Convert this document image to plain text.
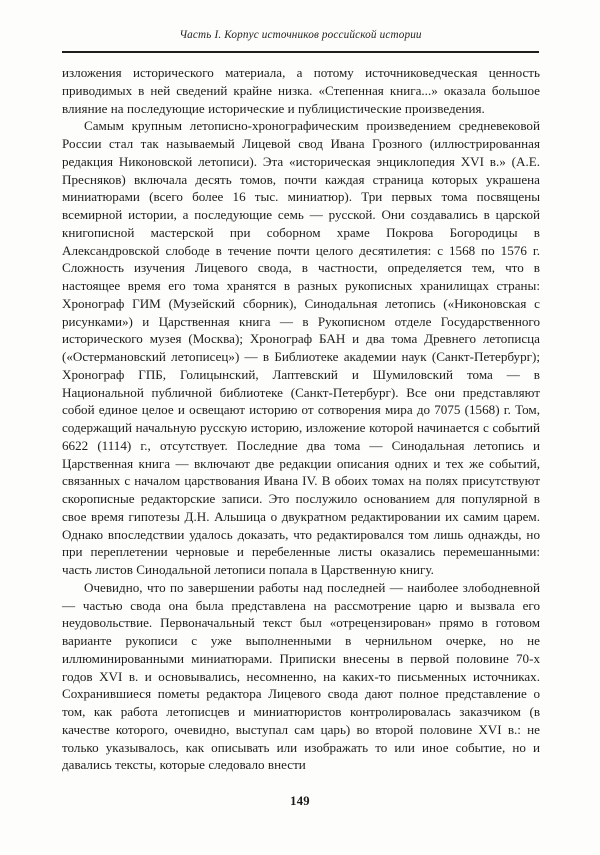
Часть I. Корпус источников российской истории

изложения исторического материала, а потому источниковедческая ценность приводимых в ней сведений крайне низка. «Степенная книга...» оказала большое влияние на последующие исторические и публицистические произведения.

Самым крупным летописно-хронографическим произведением средневековой России стал так называемый Лицевой свод Ивана Грозного (иллюстрированная редакция Никоновской летописи). Эта «историческая энциклопедия XVI в.» (А.Е. Пресняков) включала десять томов, почти каждая страница которых украшена миниатюрами (всего более 16 тыс. миниатюр). Три первых тома посвящены всемирной истории, а последующие семь — русской. Они создавались в царской книгописной мастерской при соборном храме Покрова Богородицы в Александровской слободе в течение почти целого десятилетия: с 1568 по 1576 г. Сложность изучения Лицевого свода, в частности, определяется тем, что в настоящее время его тома хранятся в разных рукописных хранилищах страны: Хронограф ГИМ (Музейский сборник), Синодальная летопись («Никоновская с рисунками») и Царственная книга — в Рукописном отделе Государственного исторического музея (Москва); Хронограф БАН и два тома Древнего летописца («Остермановский летописец») — в Библиотеке академии наук (Санкт-Петербург); Хронограф ГПБ, Голицынский, Лаптевский и Шумиловский тома — в Национальной публичной библиотеке (Санкт-Петербург). Все они представляют собой единое целое и освещают историю от сотворения мира до 7075 (1568) г. Том, содержащий начальную русскую историю, изложение которой начинается с событий 6622 (1114) г., отсутствует. Последние два тома — Синодальная летопись и Царственная книга — включают две редакции описания одних и тех же событий, связанных с началом царствования Ивана IV. В обоих томах на полях присутствуют скорописные редакторские записи. Это послужило основанием для популярной в свое время гипотезы Д.Н. Альшица о двукратном редактировании их самим царем. Однако впоследствии удалось доказать, что редактировался том лишь однажды, но при переплетении черновые и перебеленные листы оказались перемешанными: часть листов Синодальной летописи попала в Царственную книгу.

Очевидно, что по завершении работы над последней — наиболее злободневной — частью свода она была представлена на рассмотрение царю и вызвала его неудовольствие. Первоначальный текст был «отрецензирован» прямо в готовом варианте рукописи с уже выполненными в чернильном очерке, но не иллюминированными миниатюрами. Приписки внесены в первой половине 70-х годов XVI в. и основывались, несомненно, на каких-то письменных источниках. Сохранившиеся пометы редактора Лицевого свода дают полное представление о том, как работа летописцев и миниатюристов контролировалась заказчиком (в качестве которого, очевидно, выступал сам царь) во второй половине XVI в.: не только указывалось, как описывать или изображать то или иное событие, но и давались тексты, которые следовало внести

149
